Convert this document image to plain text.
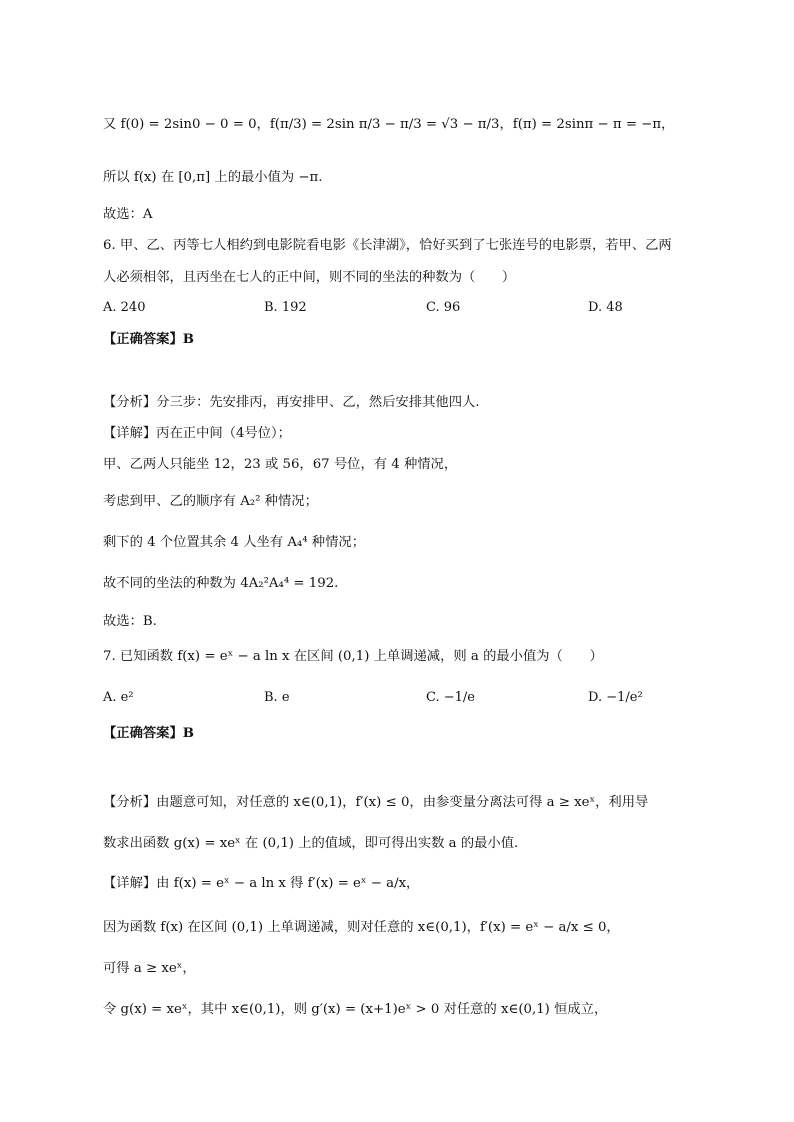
又 f(0) = 2sin0 − 0 = 0，f(π/3) = 2sin π/3 − π/3 = √3 − π/3，f(π) = 2sinπ − π = −π，
所以 f(x) 在 [0,π] 上的最小值为 −π.
故选：A
6. 甲、乙、丙等七人相约到电影院看电影《长津湖》，恰好买到了七张连号的电影票，若甲、乙两
人必须相邻，且丙坐在七人的正中间，则不同的坐法的种数为（　　）
A. 240	B. 192	C. 96	D. 48
【正确答案】B
【分析】分三步：先安排丙，再安排甲、乙，然后安排其他四人.
【详解】丙在正中间（4号位）；
甲、乙两人只能坐 12，23 或 56，67 号位，有 4 种情况，
考虑到甲、乙的顺序有 A₂² 种情况；
剩下的 4 个位置其余 4 人坐有 A₄⁴ 种情况；
故不同的坐法的种数为 4A₂²A₄⁴ = 192.
故选：B.
7. 已知函数 f(x) = eˣ − a ln x 在区间 (0,1) 上单调递减，则 a 的最小值为（　　）
A. e²	B. e	C. −1/e	D. −1/e²
【正确答案】B
【分析】由题意可知，对任意的 x∈(0,1)，f′(x) ≤ 0，由参变量分离法可得 a ≥ xeˣ，利用导
数求出函数 g(x) = xeˣ 在 (0,1) 上的值域，即可得出实数 a 的最小值.
【详解】由 f(x) = eˣ − a ln x 得 f′(x) = eˣ − a/x，
因为函数 f(x) 在区间 (0,1) 上单调递减，则对任意的 x∈(0,1)，f′(x) = eˣ − a/x ≤ 0，
可得 a ≥ xeˣ，
令 g(x) = xeˣ，其中 x∈(0,1)，则 g′(x) = (x+1)eˣ > 0 对任意的 x∈(0,1) 恒成立，
